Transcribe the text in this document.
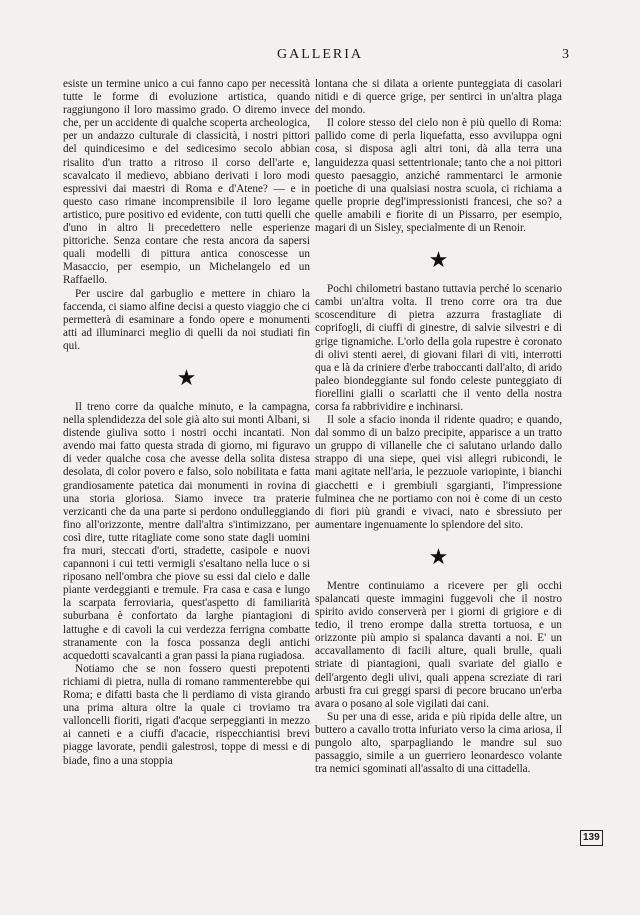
GALLERIA	3

esiste un termine unico a cui fanno capo per necessità tutte le forme di evoluzione artistica, quando raggiungono il loro massimo grado. O diremo invece che, per un accidente di qualche scoperta archeologica, per un andazzo culturale di classicità, i nostri pittori del quindicesimo e del sedicesimo secolo abbian risalito d'un tratto a ritroso il corso dell'arte e, scavalcato il medievo, abbiano derivati i loro modi espressivi dai maestri di Roma e d'Atene? — e in questo caso rimane incomprensibile il loro legame artistico, pure positivo ed evidente, con tutti quelli che d'uno in altro li precedettero nelle esperienze pittoriche. Senza contare che resta ancora da sapersi quali modelli di pittura antica conoscesse un Masaccio, per esempio, un Michelangelo ed un Raffaello.

Per uscire dal garbuglio e mettere in chiaro la faccenda, ci siamo alfine decisi a questo viaggio che ci permetterà di esaminare a fondo opere e monumenti atti ad illuminarci meglio di quelli da noi studiati fin qui.

★

Il treno corre da qualche minuto, e la campagna, nella splendidezza del sole già alto sui monti Albani, si distende giuliva sotto i nostri occhi incantati. Non avendo mai fatto questa strada di giorno, mi figuravo di veder qualche cosa che avesse della solita distesa desolata, di color povero e falso, solo nobilitata e fatta grandiosamente patetica dai monumenti in rovina di una storia gloriosa. Siamo invece tra praterie verzicanti che da una parte si perdono ondulleggiando fino all'orizzonte, mentre dall'altra s'intimizzano, per così dire, tutte ritagliate come sono state dagli uomini fra muri, steccati d'orti, stradette, casipole e nuovi capannoni i cui tetti vermigli s'esaltano nella luce o si riposano nell'ombra che piove su essi dal cielo e dalle piante verdeggianti e tremule. Fra casa e casa e lungo la scarpata ferroviaria, quest'aspetto di familiarità suburbana è confortato da larghe piantagioni di lattughe e di cavoli la cui verdezza ferrigna combatte stranamente con la fosca possanza degli antichi acquedotti scavalcanti a gran passi la piana rugiadosa.

Notiamo che se non fossero questi prepotenti richiami di pietra, nulla di romano rammenterebbe qui Roma; e difatti basta che li perdiamo di vista girando una prima altura oltre la quale ci troviamo tra valloncelli fioriti, rigati d'acque serpeggianti in mezzo ai canneti e a ciuffi d'acacie, rispecchiantisi brevi piagge lavorate, pendii galestrosi, toppe di messi e di biade, fino a una stoppia

lontana che si dilata a oriente punteggiata di casolari nitidi e di querce grige, per sentirci in un'altra plaga del mondo.

Il colore stesso del cielo non è più quello di Roma: pallido come di perla liquefatta, esso avviluppa ogni cosa, si disposa agli altri toni, dà alla terra una languidezza quasi settentrionale; tanto che a noi pittori questo paesaggio, anziché rammentarci le armonie poetiche di una qualsiasi nostra scuola, ci richiama a quelle proprie degl'impressionisti francesi, che so? a quelle amabili e fiorite di un Pissarro, per esempio, magari di un Sisley, specialmente di un Renoir.

★

Pochi chilometri bastano tuttavia perché lo scenario cambi un'altra volta. Il treno corre ora tra due scoscenditure di pietra azzurra frastagliate di coprifogli, di ciuffi di ginestre, di salvie silvestri e di grige tignamiche. L'orlo della gola rupestre è coronato di olivi stenti aerei, di giovani filari di viti, interrotti qua e là da criniere d'erbe traboccanti dall'alto, di arido paleo biondeggiante sul fondo celeste punteggiato di fiorellini gialli o scarlatti che il vento della nostra corsa fa rabbrividire e inchinarsi.

Il sole a sfacio inonda il ridente quadro; e quando, dal sommo di un balzo precipite, apparisce a un tratto un gruppo di villanelle che ci salutano urlando dallo strappo di una siepe, quei visi allegri rubicondi, le mani agitate nell'aria, le pezzuole variopinte, i bianchi giacchetti e i grembiuli sgargianti, l'impressione fulminea che ne portiamo con noi è come di un cesto di fiori più grandi e vivaci, nato e sbressiuto per aumentare ingenuamente lo splendore del sito.

★

Mentre continuiamo a ricevere per gli occhi spalancati queste immagini fuggevoli che il nostro spirito avido conserverà per i giorni di grigiore e di tedio, il treno erompe dalla stretta tortuosa, e un orizzonte più ampio si spalanca davanti a noi. E' un accavallamento di facili alture, quali brulle, quali striate di piantagioni, quali svariate del giallo e dell'argento degli ulivi, quali appena screziate di rari arbusti fra cui greggi sparsi di pecore brucano un'erba avara o posano al sole vigilati dai cani.

Su per una di esse, arida e più ripida delle altre, un buttero a cavallo trotta infuriato verso la cima ariosa, il pungolo alto, sparpagliando le mandre sul suo passaggio, simile a un guerriero leonardesco volante tra nemici sgominati all'assalto di una cittadella.

139
